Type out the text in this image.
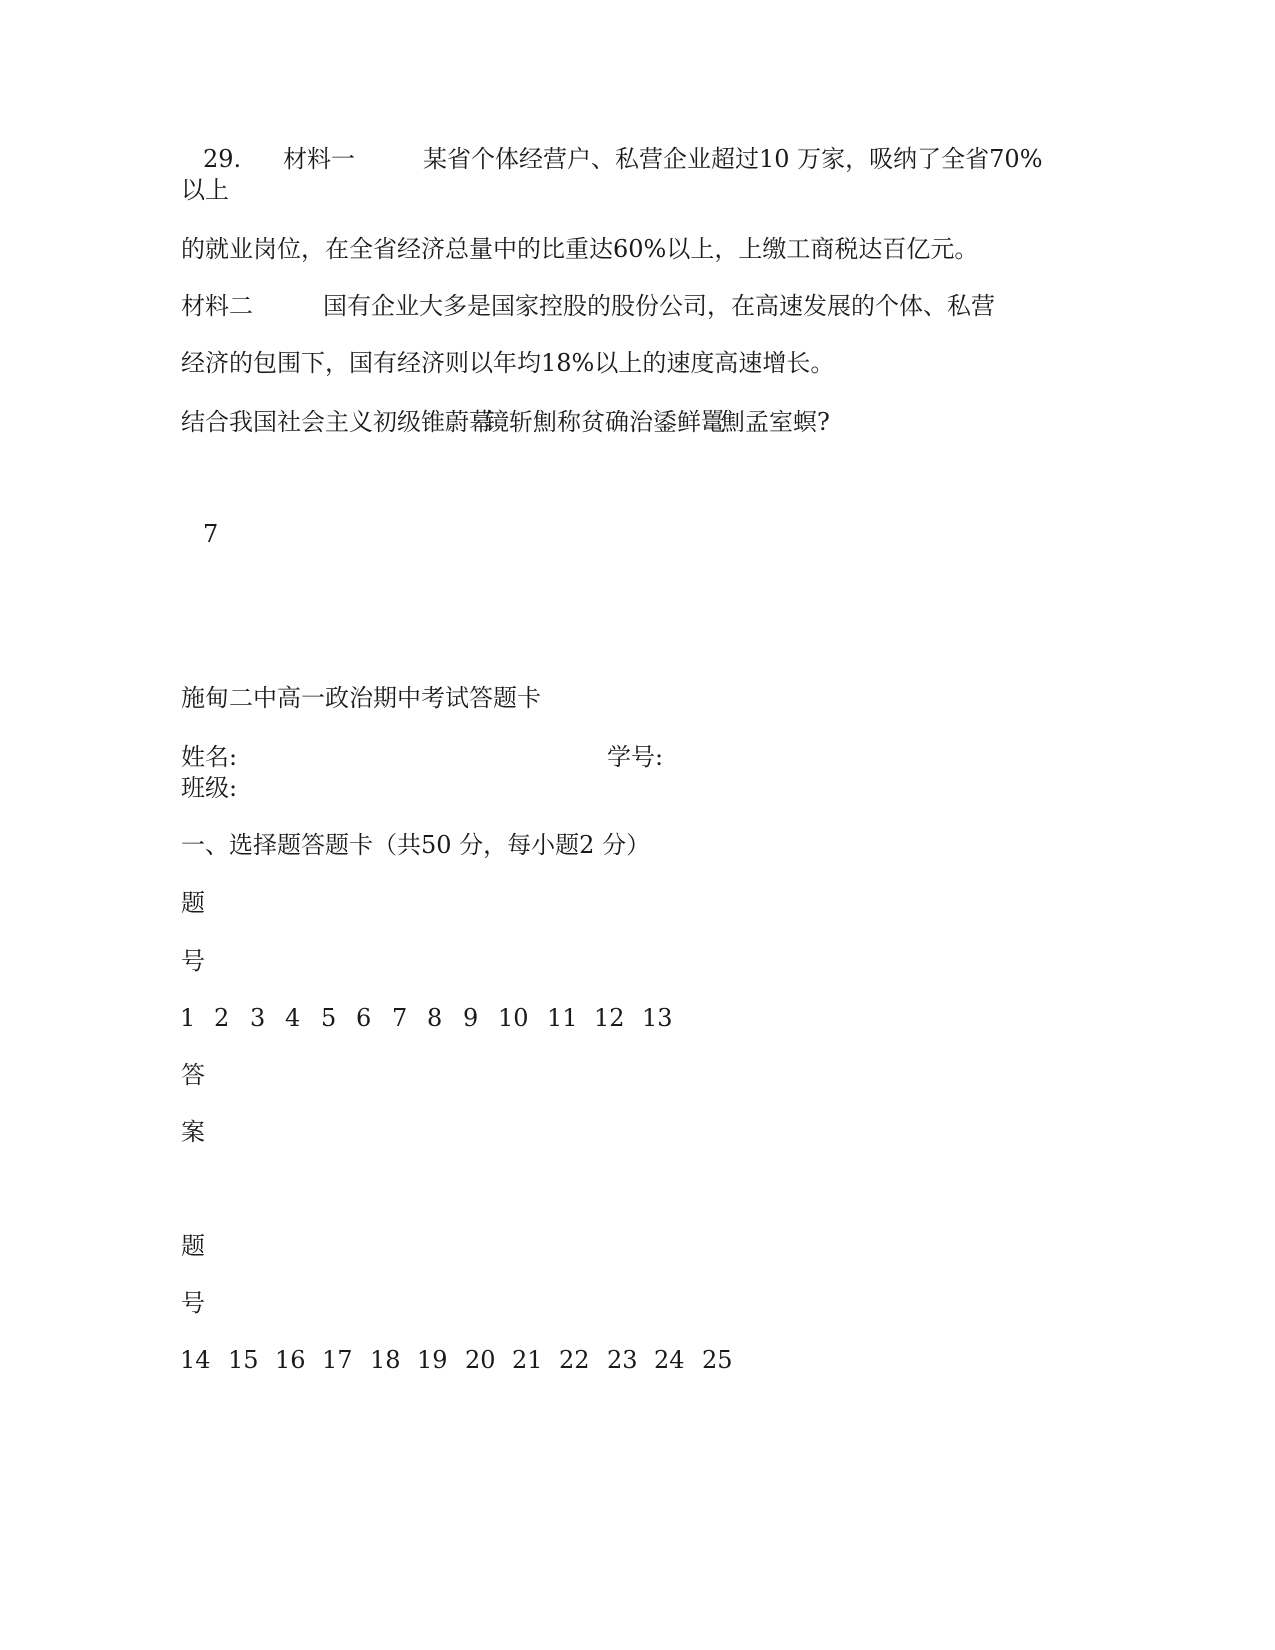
29. 材料一	某省个体经营户、私营企业超过10 万家，吸纳了全省70%
以上
的就业岗位，在全省经济总量中的比重达60%以上，上缴工商税达百亿元。
材料二	国有企业大多是国家控股的股份公司，在高速发展的个体、私营
经济的包围下，国有经济则以年均18%以上的速度高速增长。
结合我国社会主义初级锥蔚幕镜斩劁称贫确治鋈鲜鼍劁孟室螟?
7
施甸二中高一政治期中考试答题卡
姓名:	学号:
班级:
一、选择题答题卡（共50 分，每小题2 分）
题
号
1 2 3 4 5 6 7 8 9 10 11 12 13
答
案
题
号
14 15 16 17 18 19 20 21 22 23 24 25
